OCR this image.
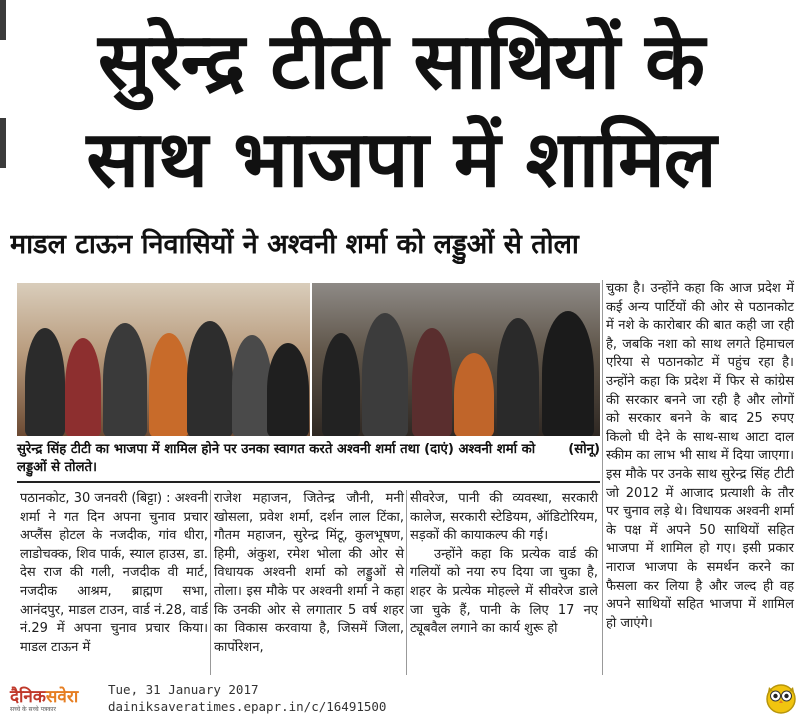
सुरेन्द्र टीटी साथियों के
साथ भाजपा में शामिल
माडल टाऊन निवासियों ने अश्वनी शर्मा को लड्डुओं से तोला
(सोनू)
सुरेन्द्र सिंह टीटी का भाजपा में शामिल होने पर उनका स्वागत करते अश्वनी शर्मा तथा (दाएं) अश्वनी शर्मा को लड्डुओं से तोलते।

पठानकोट, 30 जनवरी (बिट्टा) : अश्वनी शर्मा ने गत दिन अपना चुनाव प्रचार अप्लैंस होटल के नजदीक, गांव धीरा, लाडोचक्क, शिव पार्क, स्याल हाउस, डा. देस राज की गली, नजदीक वी मार्ट, नजदीक आश्रम, ब्राह्मण सभा, आनंदपुर, माडल टाउन, वार्ड नं.28, वार्ड नं.29 में अपना चुनाव प्रचार किया। माडल टाऊन में

राजेश महाजन, जितेन्द्र जौनी, मनी खोसला, प्रवेश शर्मा, दर्शन लाल टिंका, गौतम महाजन, सुरेन्द्र मिंटू, कुलभूषण, हिमी, अंकुश, रमेश भोला की ओर से विधायक अश्वनी शर्मा को लड्डुओं से तोला। इस मौके पर अश्वनी शर्मा ने कहा कि उनकी ओर से लगातार 5 वर्ष शहर का विकास करवाया है, जिसमें जिला, कार्पोरेशन,

सीवरेज, पानी की व्यवस्था, सरकारी कालेज, सरकारी स्टेडियम, ऑडिटोरियम, सड़कों की कायाकल्प की गई।

उन्होंने कहा कि प्रत्येक वार्ड की गलियों को नया रुप दिया जा चुका है, शहर के प्रत्येक मोहल्ले में सीवरेज डाले जा चुके हैं, पानी के लिए 17 नए ट्यूबवैल लगाने का कार्य शुरू हो

चुका है। उन्होंने कहा कि आज प्रदेश में कई अन्य पार्टियों की ओर से पठानकोट में नशे के कारोबार की बात कही जा रही है, जबकि नशा को साथ लगते हिमाचल एरिया से पठानकोट में पहुंच रहा है। उन्होंने कहा कि प्रदेश में फिर से कांग्रेस की सरकार बनने जा रही है और लोगों को सरकार बनने के बाद 25 रुपए किलो घी देने के साथ-साथ आटा दाल स्कीम का लाभ भी साथ में दिया जाएगा। इस मौके पर उनके साथ सुरेन्द्र सिंह टीटी जो 2012 में आजाद प्रत्याशी के तौर पर चुनाव लड़े थे। विधायक अश्वनी शर्मा के पक्ष में अपने 50 साथियों सहित भाजपा में शामिल हो गए। इसी प्रकार नाराज भाजपा के समर्थन करने का फैसला कर लिया है और जल्द ही वह अपने साथियों सहित भाजपा में शामिल हो जाएंगे।

दैनिकसवेरा
सच्चे के सच्चे पत्रकार
Tue, 31 January 2017
dainiksaveratimes.epapr.in/c/16491500
